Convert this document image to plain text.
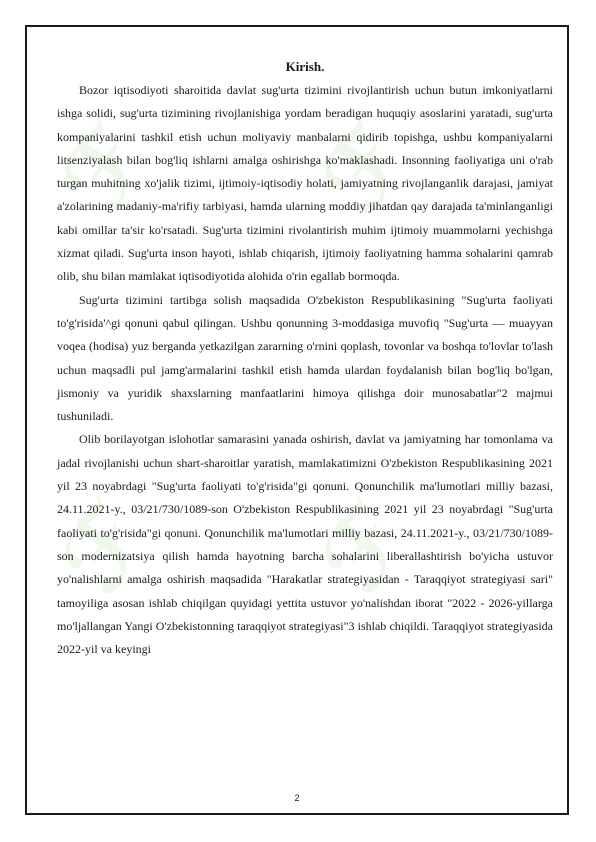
ℱ ℱ
ℱ ℱ

Kirish.

Bozor iqtisodiyoti sharoitida davlat sug'urta tizimini rivojlantirish uchun butun imkoniyatlarni ishga solidi, sug'urta tizimining rivojlanishiga yordam beradigan huquqiy asoslarini yaratadi, sug'urta kompaniyalarini tashkil etish uchun moliyaviy manbalarni qidirib topishga, ushbu kompaniyalarni litsenziyalash bilan bog'liq ishlarni amalga oshirishga ko'maklashadi. Insonning faoliyatiga uni o'rab turgan muhitning xo'jalik tizimi, ijtimoiy-iqtisodiy holati, jamiyatning rivojlanganlik darajasi, jamiyat a'zolarining madaniy-ma'rifiy tarbiyasi, hamda ularning moddiy jihatdan qay darajada ta'minlanganligi kabi omillar ta'sir ko'rsatadi. Sug'urta tizimini rivolantirish muhim ijtimoiy muammolarni yechishga xizmat qiladi. Sug'urta inson hayoti, ishlab chiqarish, ijtimoiy faoliyatning hamma sohalarini qamrab olib, shu bilan mamlakat iqtisodiyotida alohida o'rin egallab bormoqda.

Sug'urta tizimini tartibga solish maqsadida O'zbekiston Respublikasining "Sug'urta faoliyati to'g'risida'^gi qonuni qabul qilingan. Ushbu qonunning 3-moddasiga muvofiq "Sug'urta — muayyan voqea (hodisa) yuz berganda yetkazilgan zararning o'rnini qoplash, tovonlar va boshqa to'lovlar to'lash uchun maqsadli pul jamg'armalarini tashkil etish hamda ulardan foydalanish bilan bog'liq bo'lgan, jismoniy va yuridik shaxslarning manfaatlarini himoya qilishga doir munosabatlar"2 majmui tushuniladi.

Olib borilayotgan islohotlar samarasini yanada oshirish, davlat va jamiyatning har tomonlama va jadal rivojlanishi uchun shart-sharoitlar yaratish, mamlakatimizni O'zbekiston Respublikasining 2021 yil 23 noyabrdagi "Sug'urta faoliyati to'g'risida"gi qonuni. Qonunchilik ma'lumotlari milliy bazasi, 24.11.2021-y., 03/21/730/1089-son O'zbekiston Respublikasining 2021 yil 23 noyabrdagi "Sug'urta faoliyati to'g'risida"gi qonuni. Qonunchilik ma'lumotlari milliy bazasi, 24.11.2021-y., 03/21/730/1089-son modernizatsiya qilish hamda hayotning barcha sohalarini liberallashtirish bo'yicha ustuvor yo'nalishlarni amalga oshirish maqsadida "Harakatlar strategiyasidan - Taraqqiyot strategiyasi sari" tamoyiliga asosan ishlab chiqilgan quyidagi yettita ustuvor yo'nalishdan iborat "2022 - 2026-yillarga mo'ljallangan Yangi O'zbekistonning taraqqiyot strategiyasi"3 ishlab chiqildi. Taraqqiyot strategiyasida 2022-yil va keyingi

2
